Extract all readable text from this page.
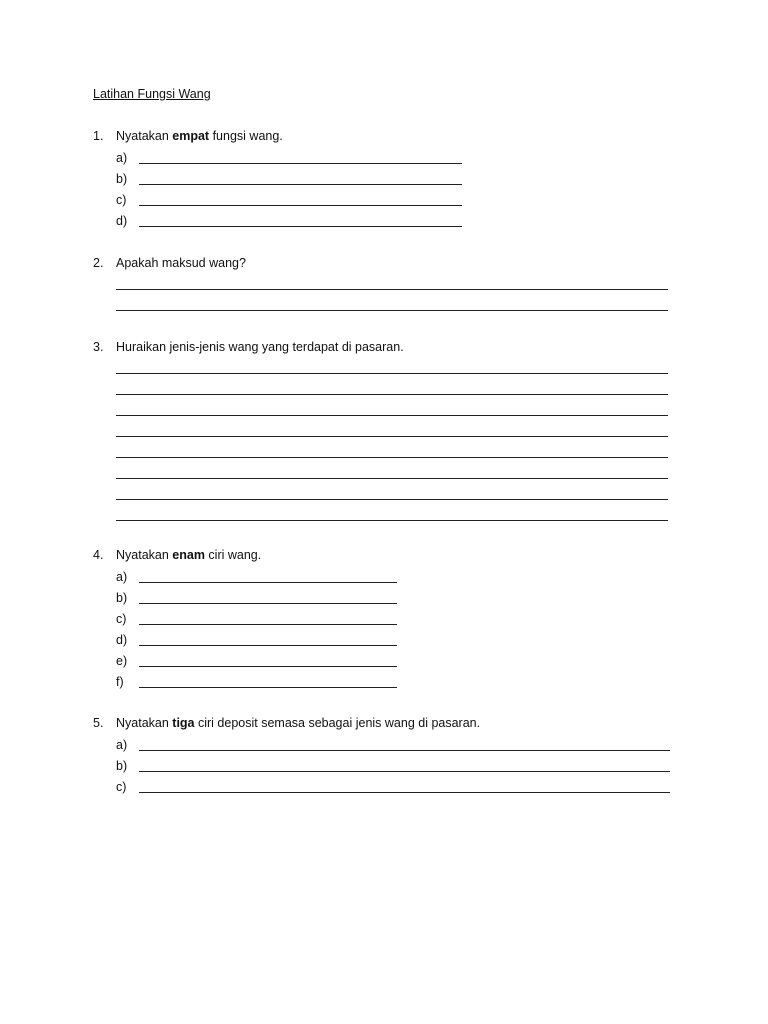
Latihan Fungsi Wang
1. Nyatakan empat fungsi wang.
a)
b)
c)
d)
2. Apakah maksud wang?
3. Huraikan jenis-jenis wang yang terdapat di pasaran.
4. Nyatakan enam ciri wang.
a)
b)
c)
d)
e)
f)
5. Nyatakan tiga ciri deposit semasa sebagai jenis wang di pasaran.
a)
b)
c)
